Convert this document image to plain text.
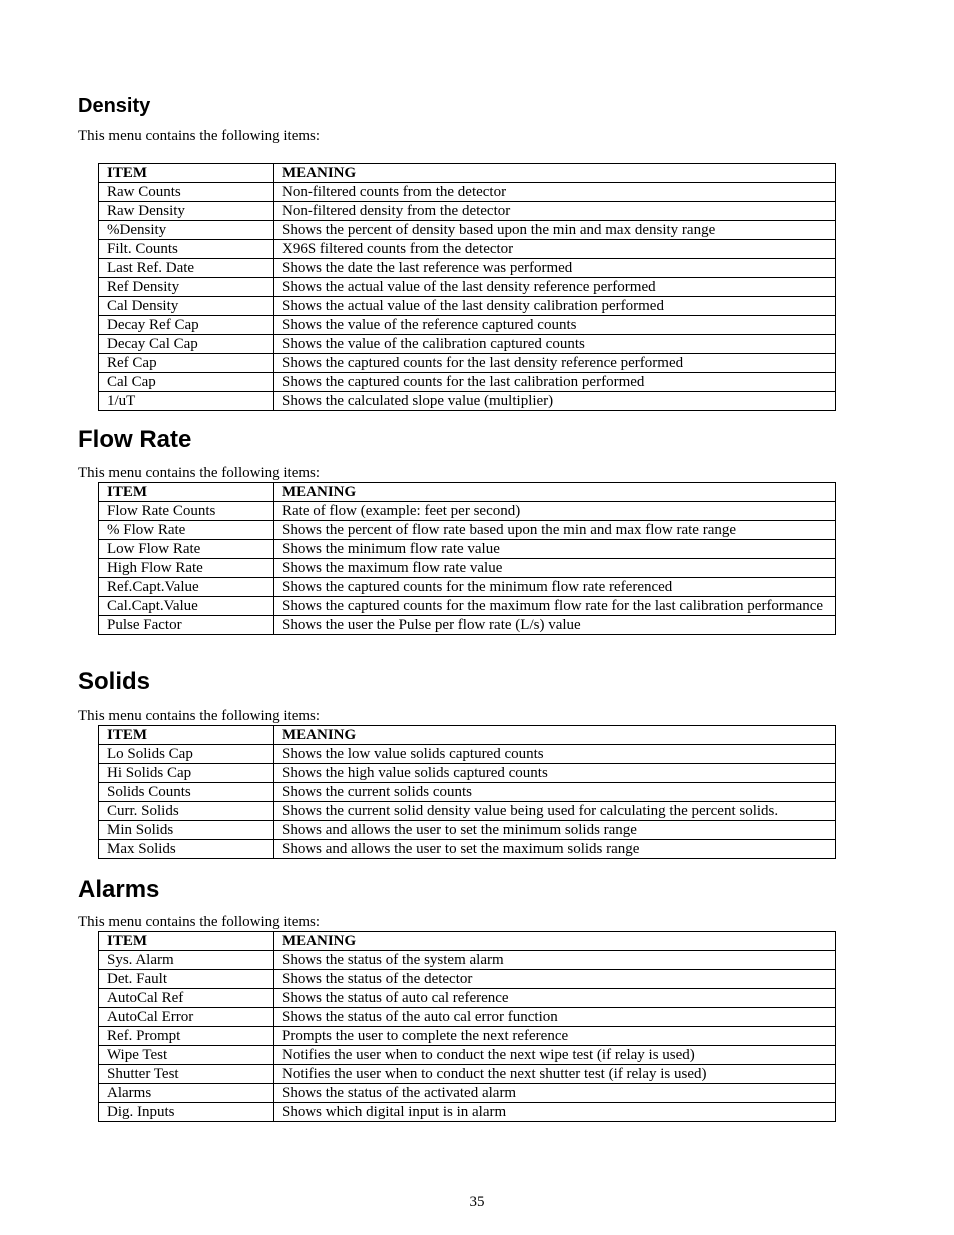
Density

This menu contains the following items:

ITEM	MEANING
Raw Counts	Non-filtered counts from the detector
Raw Density	Non-filtered density from the detector
%Density	Shows the percent of density based upon the min and max density range
Filt. Counts	X96S filtered counts from the detector
Last Ref. Date	Shows the date the last reference was performed
Ref Density	Shows the actual value of the last density reference performed
Cal Density	Shows the actual value of the last density calibration performed
Decay Ref Cap	Shows the value of the reference captured counts
Decay Cal Cap	Shows the value of the calibration captured counts
Ref Cap	Shows the captured counts for the last density reference performed
Cal Cap	Shows the captured counts for the last calibration performed
1/uT	Shows the calculated slope value (multiplier)
Flow Rate

This menu contains the following items:

ITEM	MEANING
Flow Rate Counts	Rate of flow (example: feet per second)
% Flow Rate	Shows the percent of flow rate based upon the min and max flow rate range
Low Flow Rate	Shows the minimum flow rate value
High Flow Rate	Shows the maximum flow rate value
Ref.Capt.Value	Shows the captured counts for the minimum flow rate referenced
Cal.Capt.Value	Shows the captured counts for the maximum flow rate for the last calibration performance
Pulse Factor	Shows the user the Pulse per flow rate (L/s) value
Solids

This menu contains the following items:

ITEM	MEANING
Lo Solids Cap	Shows the low value solids captured counts
Hi Solids Cap	Shows the high value solids captured counts
Solids Counts	Shows the current solids counts
Curr. Solids	Shows the current solid density value being used for calculating the percent solids.
Min Solids	Shows and allows the user to set the minimum solids range
Max Solids	Shows and allows the user to set the maximum solids range
Alarms

This menu contains the following items:

ITEM	MEANING
Sys. Alarm	Shows the status of the system alarm
Det. Fault	Shows the status of the detector
AutoCal Ref	Shows the status of auto cal reference
AutoCal Error	Shows the status of the auto cal error function
Ref. Prompt	Prompts the user to complete the next reference
Wipe Test	Notifies the user when to conduct the next wipe test (if relay is used)
Shutter Test	Notifies the user when to conduct the next shutter test (if relay is used)
Alarms	Shows the status of the activated alarm
Dig. Inputs	Shows which digital input is in alarm
35
